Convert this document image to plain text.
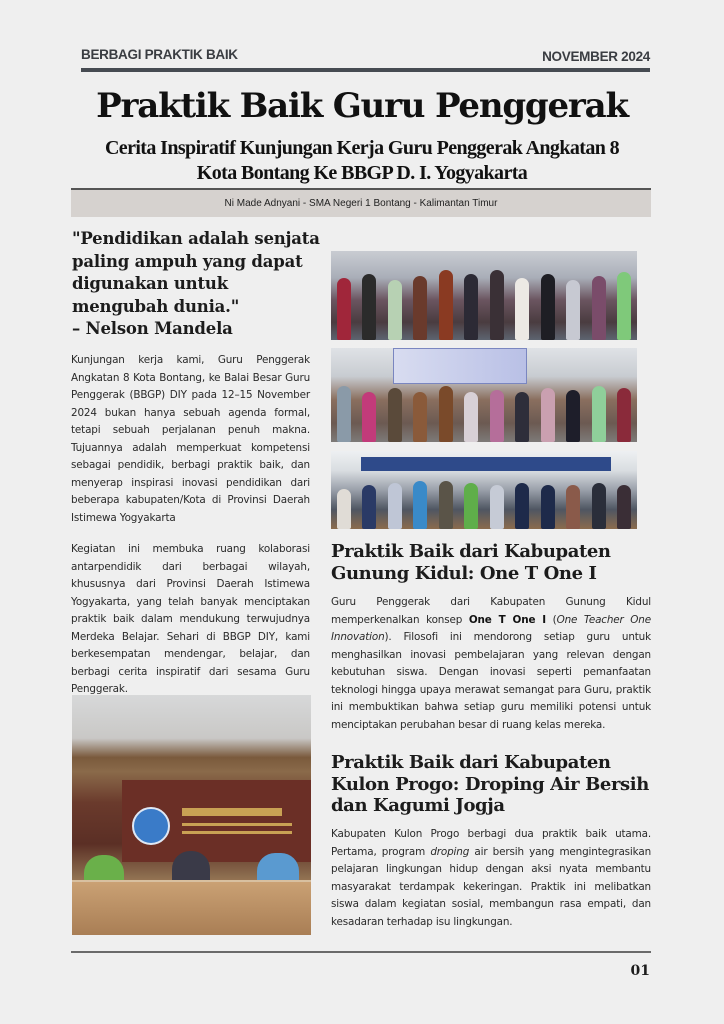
BERBAGI PRAKTIK BAIK	NOVEMBER 2024
Praktik Baik Guru Penggerak
Cerita Inspiratif Kunjungan Kerja Guru Penggerak Angkatan 8
Kota Bontang Ke BBGP D. I. Yogyakarta
Ni Made Adnyani - SMA Negeri 1 Bontang - Kalimantan Timur
"Pendidikan adalah senjata paling ampuh yang dapat digunakan untuk mengubah dunia."
– Nelson Mandela

Kunjungan kerja kami, Guru Penggerak Angkatan 8 Kota Bontang, ke Balai Besar Guru Penggerak (BBGP) DIY pada 12–15 November 2024 bukan hanya sebuah agenda formal, tetapi sebuah perjalanan penuh makna. Tujuannya adalah memperkuat kompetensi sebagai pendidik, berbagi praktik baik, dan menyerap inspirasi inovasi pendidikan dari beberapa kabupaten/Kota di Provinsi Daerah Istimewa Yogyakarta

Kegiatan ini membuka ruang kolaborasi antarpendidik dari berbagai wilayah, khususnya dari Provinsi Daerah Istimewa Yogyakarta, yang telah banyak menciptakan praktik baik dalam mendukung terwujudnya Merdeka Belajar. Sehari di BBGP DIY, kami berkesempatan mendengar, belajar, dan berbagi cerita inspiratif dari sesama Guru Penggerak.

Praktik Baik dari Kabupaten Gunung Kidul: One T One I

Guru Penggerak dari Kabupaten Gunung Kidul memperkenalkan konsep One T One I (One Teacher One Innovation). Filosofi ini mendorong setiap guru untuk menghasilkan inovasi pembelajaran yang relevan dengan kebutuhan siswa. Dengan inovasi seperti pemanfaatan teknologi hingga upaya merawat semangat para Guru, praktik ini membuktikan bahwa setiap guru memiliki potensi untuk menciptakan perubahan besar di ruang kelas mereka.

Praktik Baik dari Kabupaten Kulon Progo: Droping Air Bersih dan Kagumi Jogja

Kabupaten Kulon Progo berbagi dua praktik baik utama. Pertama, program droping air bersih yang mengintegrasikan pelajaran lingkungan hidup dengan aksi nyata membantu masyarakat terdampak kekeringan. Praktik ini melibatkan siswa dalam kegiatan sosial, membangun rasa empati, dan kesadaran terhadap isu lingkungan.

01
